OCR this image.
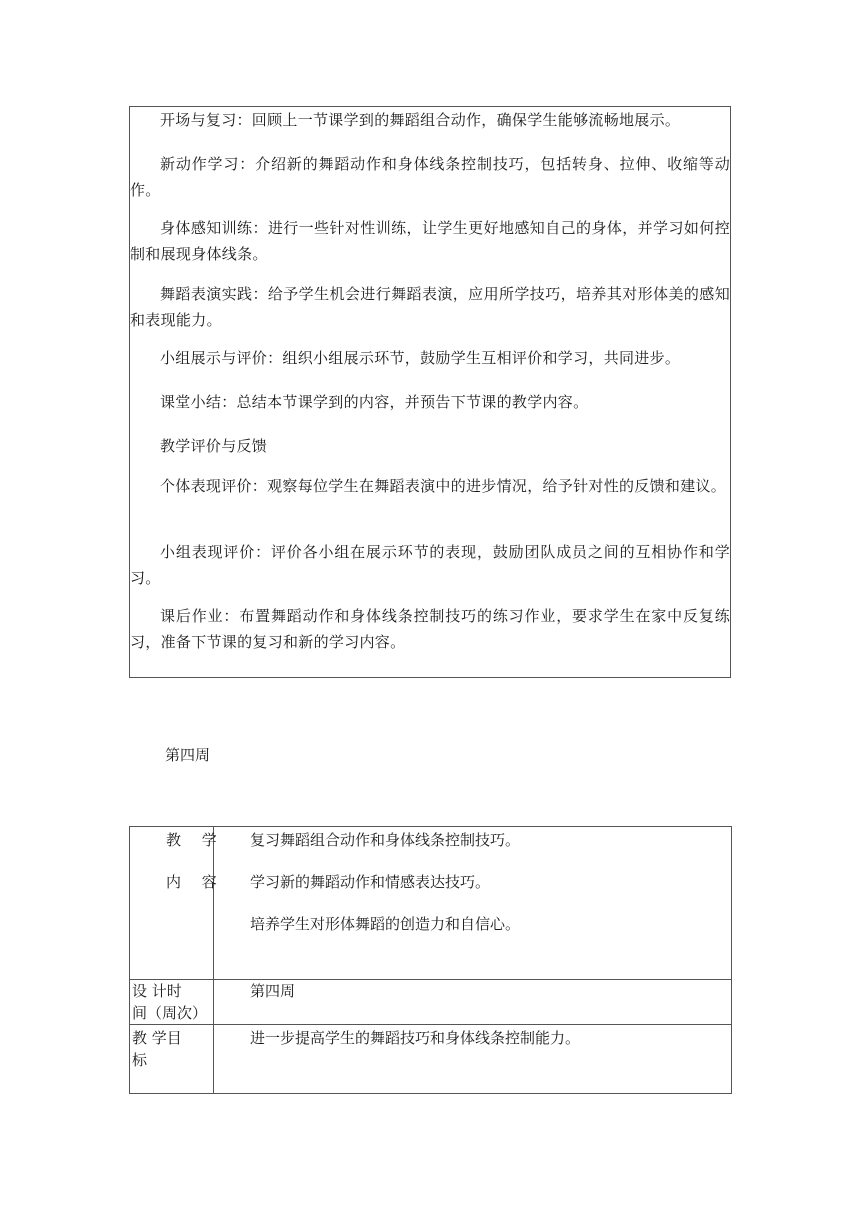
开场与复习：回顾上一节课学到的舞蹈组合动作，确保学生能够流畅地展示。

新动作学习：介绍新的舞蹈动作和身体线条控制技巧，包括转身、拉伸、收缩等动作。

身体感知训练：进行一些针对性训练，让学生更好地感知自己的身体，并学习如何控制和展现身体线条。

舞蹈表演实践：给予学生机会进行舞蹈表演，应用所学技巧，培养其对形体美的感知和表现能力。

小组展示与评价：组织小组展示环节，鼓励学生互相评价和学习，共同进步。

课堂小结：总结本节课学到的内容，并预告下节课的教学内容。

教学评价与反馈

个体表现评价：观察每位学生在舞蹈表演中的进步情况，给予针对性的反馈和建议。

小组表现评价：评价各小组在展示环节的表现，鼓励团队成员之间的互相协作和学习。

课后作业：布置舞蹈动作和身体线条控制技巧的练习作业，要求学生在家中反复练习，准备下节课的复习和新的学习内容。

第四周
教 学
内 容	复习舞蹈组合动作和身体线条控制技巧。
学习新的舞蹈动作和情感表达技巧。
培养学生对形体舞蹈的创造力和自信心。

设 计时
间（周次）	第四周

教 学目
标	进一步提高学生的舞蹈技巧和身体线条控制能力。
